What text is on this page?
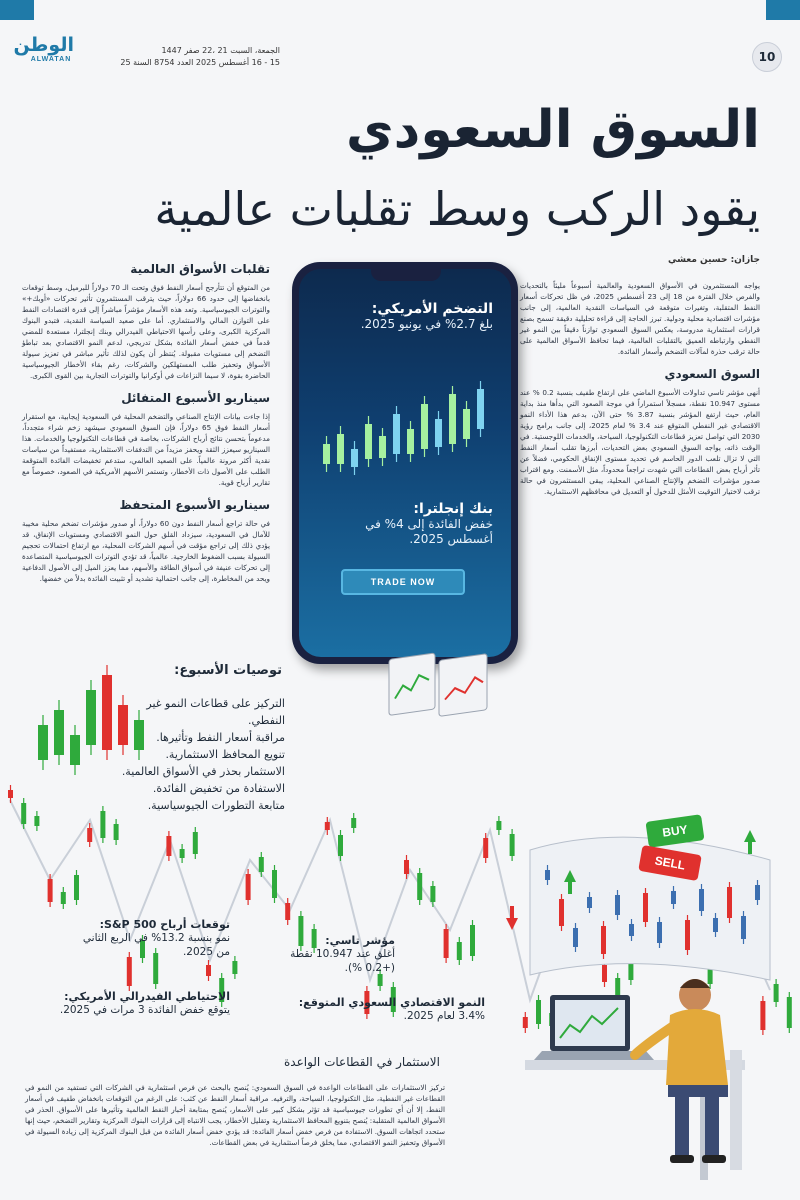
10
الوطن
ALWATAN
الجمعة، السبت 21 ،22 صفر 1447
15 - 16 أغسطس 2025 العدد 8754 السنة 25
السوق السعودي
يقود الركب وسط تقلبات عالمية
جازان: حسين معشي

يواجه المستثمرون في الأسواق السعودية والعالمية أسبوعاً مليئاً بالتحديات والفرص خلال الفترة من 18 إلى 23 أغسطس 2025، في ظل تحركات أسعار النفط المتقلبة، وتغيرات متوقعة في السياسات النقدية العالمية، إلى جانب مؤشرات اقتصادية محلية ودولية. تبرز الحاجة إلى قراءة تحليلية دقيقة تسمح بصنع قرارات استثمارية مدروسة، يعكس السوق السعودي توازناً دقيقاً بين النمو غير النفطي وارتباطه العميق بالتقلبات العالمية، فيما تحافظ الأسواق العالمية على حالة ترقب حذرة لمآلات التضخم وأسعار الفائدة.

السوق السعودي

أنهى مؤشر تاسي تداولات الأسبوع الماضي على ارتفاع طفيف بنسبة 0.2 % عند مستوى 10.947 نقطة، مسجلاً استمراراً في موجة الصعود التي بدأها منذ بداية العام، حيث ارتفع المؤشر بنسبة 3.87 % حتى الآن، بدعم هذا الأداء النمو الاقتصادي غير النفطي المتوقع عند 3.4 % لعام 2025، إلى جانب برامج رؤية 2030 التي تواصل تعزيز قطاعات التكنولوجيا، السياحة، والخدمات اللوجستية. في الوقت ذاته، يواجه السوق السعودي بعض التحديات، أبرزها تقلب أسعار النفط التي لا تزال تلعب الدور الحاسم في تحديد مستوى الإنفاق الحكومي، فضلاً عن تأثر أرباح بعض القطاعات التي شهدت تراجعاً محدوداً، مثل الأسمنت. ومع اقتراب صدور مؤشرات التضخم والإنتاج الصناعي المحلية، يبقى المستثمرون في حالة ترقب لاختيار التوقيت الأمثل للدخول أو التعديل في محافظهم الاستثمارية.

تقلبات الأسواق العالمية

من المتوقع أن تتأرجح أسعار النفط فوق وتحت الـ 70 دولاراً للبرميل، وسط توقعات بانخفاضها إلى حدود 66 دولاراً، حيث يترقب المستثمرون تأثير تحركات «أوبك+» والتوترات الجيوسياسية. وتعد هذه الأسعار مؤشراً مباشراً إلى قدرة اقتصادات النفط على التوازن المالي والاستثماري. أما على صعيد السياسة النقدية، فتبدو البنوك المركزية الكبرى، وعلى رأسها الاحتياطي الفيدرالي وبنك إنجلترا، مستعدة للمضي قدماً في خفض أسعار الفائدة بشكل تدريجي، لدعم النمو الاقتصادي بعد تباطؤ التضخم إلى مستويات مقبولة. يُنتظر أن يكون لذلك تأثير مباشر في تعزيز سيولة الأسواق وتحفيز طلب المستهلكين والشركات، رغم بقاء الأخطار الجيوسياسية الحاضرة بقوة، لا سيما النزاعات في أوكرانيا والتوترات التجارية بين القوى الكبرى.

سيناريو الأسبوع المتفائل

إذا جاءت بيانات الإنتاج الصناعي والتضخم المحلية في السعودية إيجابية، مع استقرار أسعار النفط فوق 65 دولاراً، فإن السوق السعودي سيشهد زخم شراء متجدداً، مدعوماً بتحسن نتائج أرباح الشركات، بخاصة في قطاعات التكنولوجيا والخدمات. هذا السيناريو سيعزز الثقة ويحفز مزيداً من التدفقات الاستثمارية، مستفيداً من سياسات نقدية أكثر مرونة عالمياً. على الصعيد العالمي، ستدعم تخفيضات الفائدة المتوقعة الطلب على الأصول ذات الأخطار، وتستمر الأسهم الأمريكية في الصعود، خصوصاً مع تقارير أرباح قوية.

سيناريو الأسبوع المتحفظ

في حالة تراجع أسعار النفط دون 60 دولاراً، أو صدور مؤشرات تضخم محلية مخيبة للآمال في السعودية، سيزداد القلق حول النمو الاقتصادي ومستويات الإنفاق، قد يؤدي ذلك إلى تراجع مؤقت في أسهم الشركات المحلية، مع ارتفاع احتمالات تحجيم السيولة بسبب الضغوط الخارجية. عالمياً، قد تؤدي التوترات الجيوسياسية المتصاعدة إلى تحركات عنيفة في أسواق الطاقة والأسهم، مما يعزز الميل إلى الأصول الدفاعية ويحد من المخاطرة، إلى جانب احتمالية تشديد أو تثبيت الفائدة بدلاً من خفضها.

التضخم الأمريكي:
بلغ 2.7% في يونيو 2025.
بنك إنجلترا:
خفض الفائدة إلى 4% في أغسطس 2025.
TRADE NOW
توصيات الأسبوع:
التركيز على قطاعات النمو غير النفطي.
مراقبة أسعار النفط وتأثيرها.
تنويع المحافظ الاستثمارية.
الاستثمار بحذر في الأسواق العالمية.
الاستفادة من تخفيض الفائدة.
متابعة التطورات الجيوسياسية.
توقعات أرباح S&P 500:
نمو بنسبة 13.2% في الربع الثاني من 2025.
مؤشر تاسي:
أغلق عند 10.947 نقطة (+0.2 %).
الاحتياطي الفيدرالي الأمريكي:
يتوقع خفض الفائدة 3 مرات في 2025.
النمو الاقتصادي السعودي المتوقع:
3.4% لعام 2025.
BUY
SELL
الاستثمار في القطاعات الواعدة

تركيز الاستثمارات على القطاعات الواعدة في السوق السعودي: يُنصح بالبحث عن فرص استثمارية في الشركات التي تستفيد من النمو في القطاعات غير النفطية، مثل التكنولوجيا، السياحة، والترفيه. مراقبة أسعار النفط عن كثب: على الرغم من التوقعات بانخفاض طفيف في أسعار النفط، إلا أن أي تطورات جيوسياسية قد تؤثر بشكل كبير على الأسعار، يُنصح بمتابعة أخبار النفط العالمية وتأثيرها على الأسواق. الحذر في الأسواق العالمية المتقلبة: يُنصح بتنويع المحافظ الاستثمارية وتقليل الأخطار، يجب الانتباه إلى قرارات البنوك المركزية وتقارير التضخم، حيث إنها ستحدد اتجاهات السوق. الاستفادة من فرص خفض أسعار الفائدة: قد يؤدي خفض أسعار الفائدة من قبل البنوك المركزية إلى زيادة السيولة في الأسواق وتحفيز النمو الاقتصادي، مما يخلق فرصاً استثمارية في بعض القطاعات.
